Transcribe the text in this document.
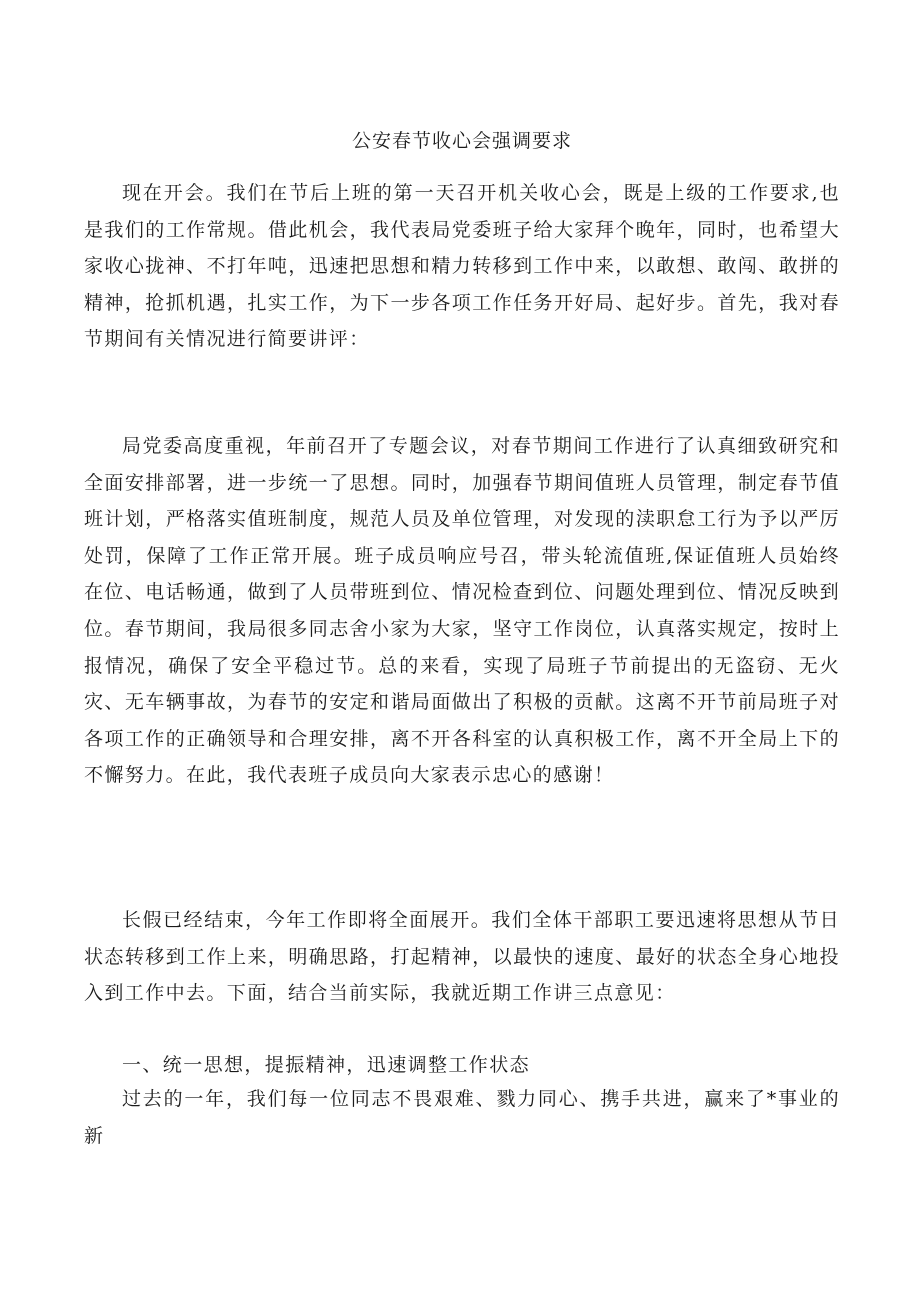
公安春节收心会强调要求

现在开会。我们在节后上班的第一天召开机关收心会，既是上级的工作要求,也是我们的工作常规。借此机会，我代表局党委班子给大家拜个晚年，同时，也希望大家收心拢神、不打年吨，迅速把思想和精力转移到工作中来，以敢想、敢闯、敢拼的精神，抢抓机遇，扎实工作，为下一步各项工作任务开好局、起好步。首先，我对春节期间有关情况进行简要讲评：

局党委高度重视，年前召开了专题会议，对春节期间工作进行了认真细致研究和全面安排部署，进一步统一了思想。同时，加强春节期间值班人员管理，制定春节值班计划，严格落实值班制度，规范人员及单位管理，对发现的渎职怠工行为予以严厉处罚，保障了工作正常开展。班子成员响应号召，带头轮流值班,保证值班人员始终在位、电话畅通，做到了人员带班到位、情况检查到位、问题处理到位、情况反映到位。春节期间，我局很多同志舍小家为大家，坚守工作岗位，认真落实规定，按时上报情况，确保了安全平稳过节。总的来看，实现了局班子节前提出的无盗窃、无火灾、无车辆事故，为春节的安定和谐局面做出了积极的贡献。这离不开节前局班子对各项工作的正确领导和合理安排，离不开各科室的认真积极工作，离不开全局上下的不懈努力。在此，我代表班子成员向大家表示忠心的感谢！

长假已经结束，今年工作即将全面展开。我们全体干部职工要迅速将思想从节日状态转移到工作上来，明确思路，打起精神，以最快的速度、最好的状态全身心地投入到工作中去。下面，结合当前实际，我就近期工作讲三点意见：

一、统一思想，提振精神，迅速调整工作状态

过去的一年，我们每一位同志不畏艰难、戮力同心、携手共进，赢来了*事业的新
